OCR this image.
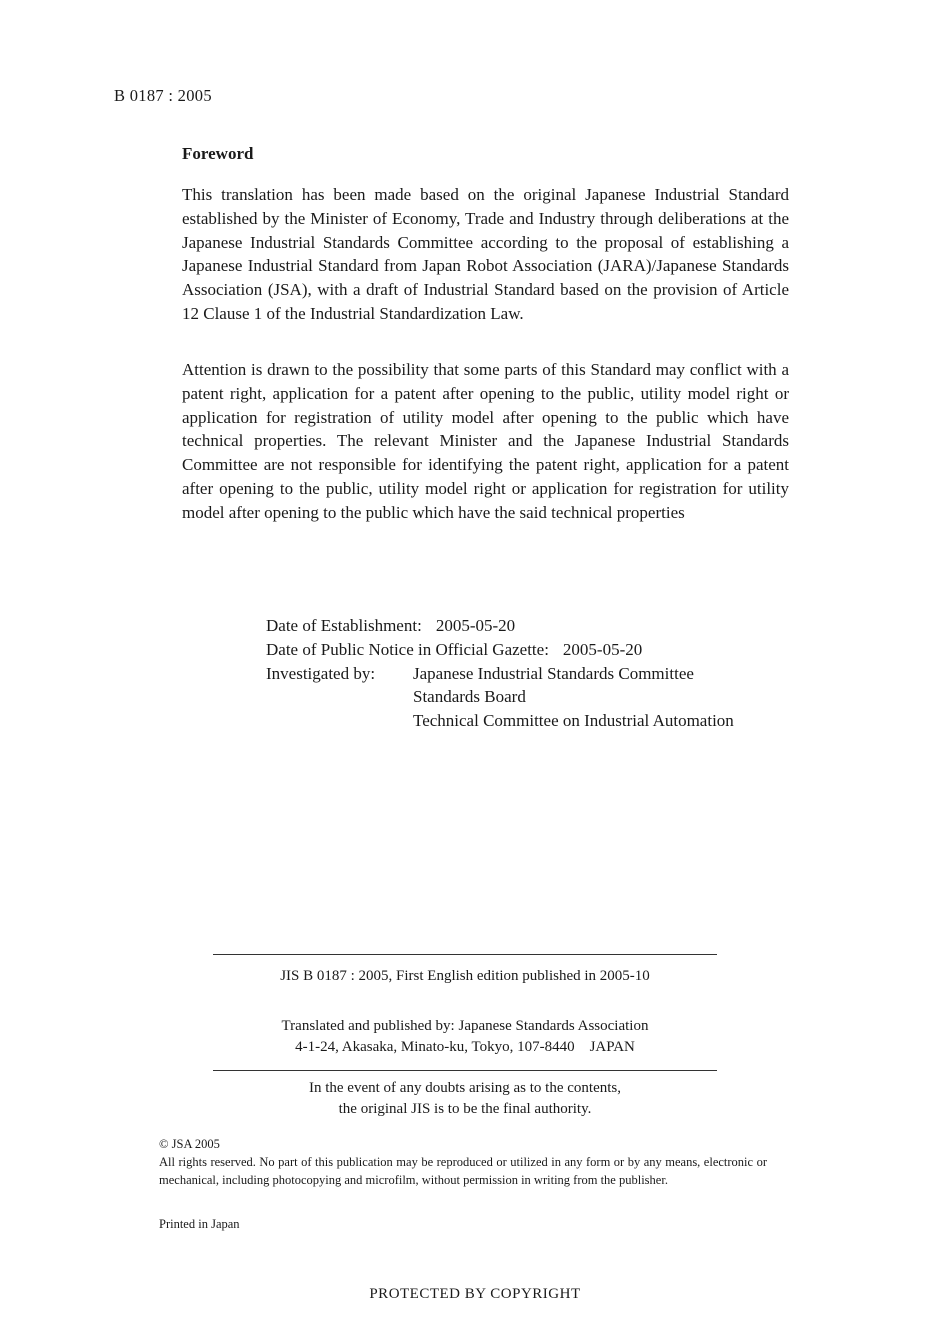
B 0187 : 2005
Foreword

This translation has been made based on the original Japanese Industrial Standard established by the Minister of Economy, Trade and Industry through deliberations at the Japanese Industrial Standards Committee according to the proposal of establishing a Japanese Industrial Standard from Japan Robot Association (JARA)/Japanese Standards Association (JSA), with a draft of Industrial Standard based on the provision of Article 12 Clause 1 of the Industrial Standardization Law.

Attention is drawn to the possibility that some parts of this Standard may conflict with a patent right, application for a patent after opening to the public, utility model right or application for registration of utility model after opening to the public which have technical properties. The relevant Minister and the Japanese Industrial Standards Committee are not responsible for identifying the patent right, application for a patent after opening to the public, utility model right or application for registration for utility model after opening to the public which have the said technical properties

Date of Establishment: 2005-05-20
Date of Public Notice in Official Gazette: 2005-05-20
Investigated by:	Japanese Industrial Standards Committee
Standards Board
Technical Committee on Industrial Automation
JIS B 0187 : 2005, First English edition published in 2005-10
Translated and published by: Japanese Standards Association
4-1-24, Akasaka, Minato-ku, Tokyo, 107-8440 JAPAN
In the event of any doubts arising as to the contents,
the original JIS is to be the final authority.
© JSA 2005
All rights reserved. No part of this publication may be reproduced or utilized in any form or by any means, electronic or mechanical, including photocopying and microfilm, without permission in writing from the publisher.
Printed in Japan
PROTECTED BY COPYRIGHT
